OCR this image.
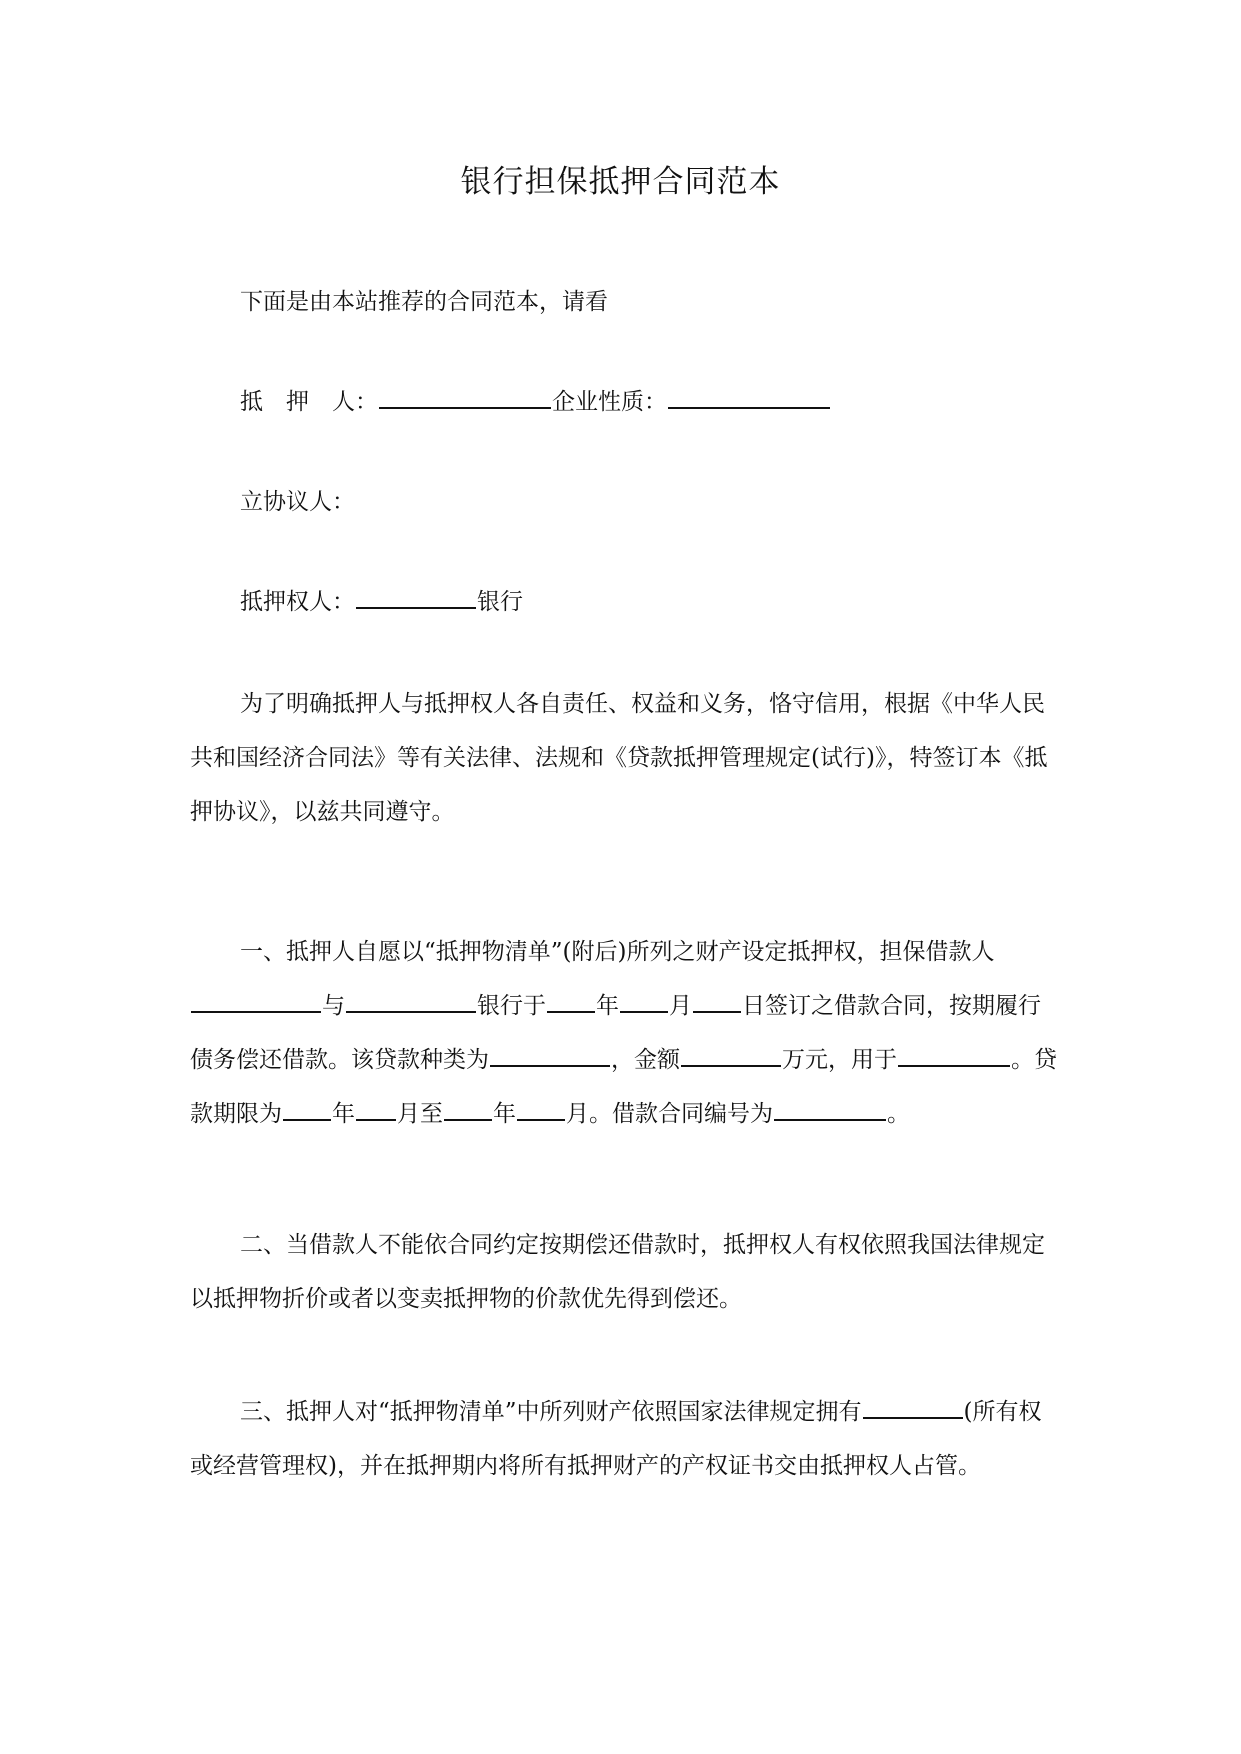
银行担保抵押合同范本

下面是由本站推荐的合同范本，请看

抵　押　人：	企业性质：

立协议人：

抵押权人：	银行

为了明确抵押人与抵押权人各自责任、权益和义务，恪守信用，根据《中华人民共和国经济合同法》等有关法律、法规和《贷款抵押管理规定(试行)》，特签订本《抵押协议》，以兹共同遵守。

一、抵押人自愿以“抵押物清单”(附后)所列之财产设定抵押权，担保借款人与	银行于 年 月 日签订之借款合同，按期履行债务偿还借款。该贷款种类为	，金额	万元，用于	。贷款期限为 年 月至 年 月。借款合同编号为	。

二、当借款人不能依合同约定按期偿还借款时，抵押权人有权依照我国法律规定以抵押物折价或者以变卖抵押物的价款优先得到偿还。

三、抵押人对“抵押物清单”中所列财产依照国家法律规定拥有	(所有权或经营管理权)，并在抵押期内将所有抵押财产的产权证书交由抵押权人占管。
